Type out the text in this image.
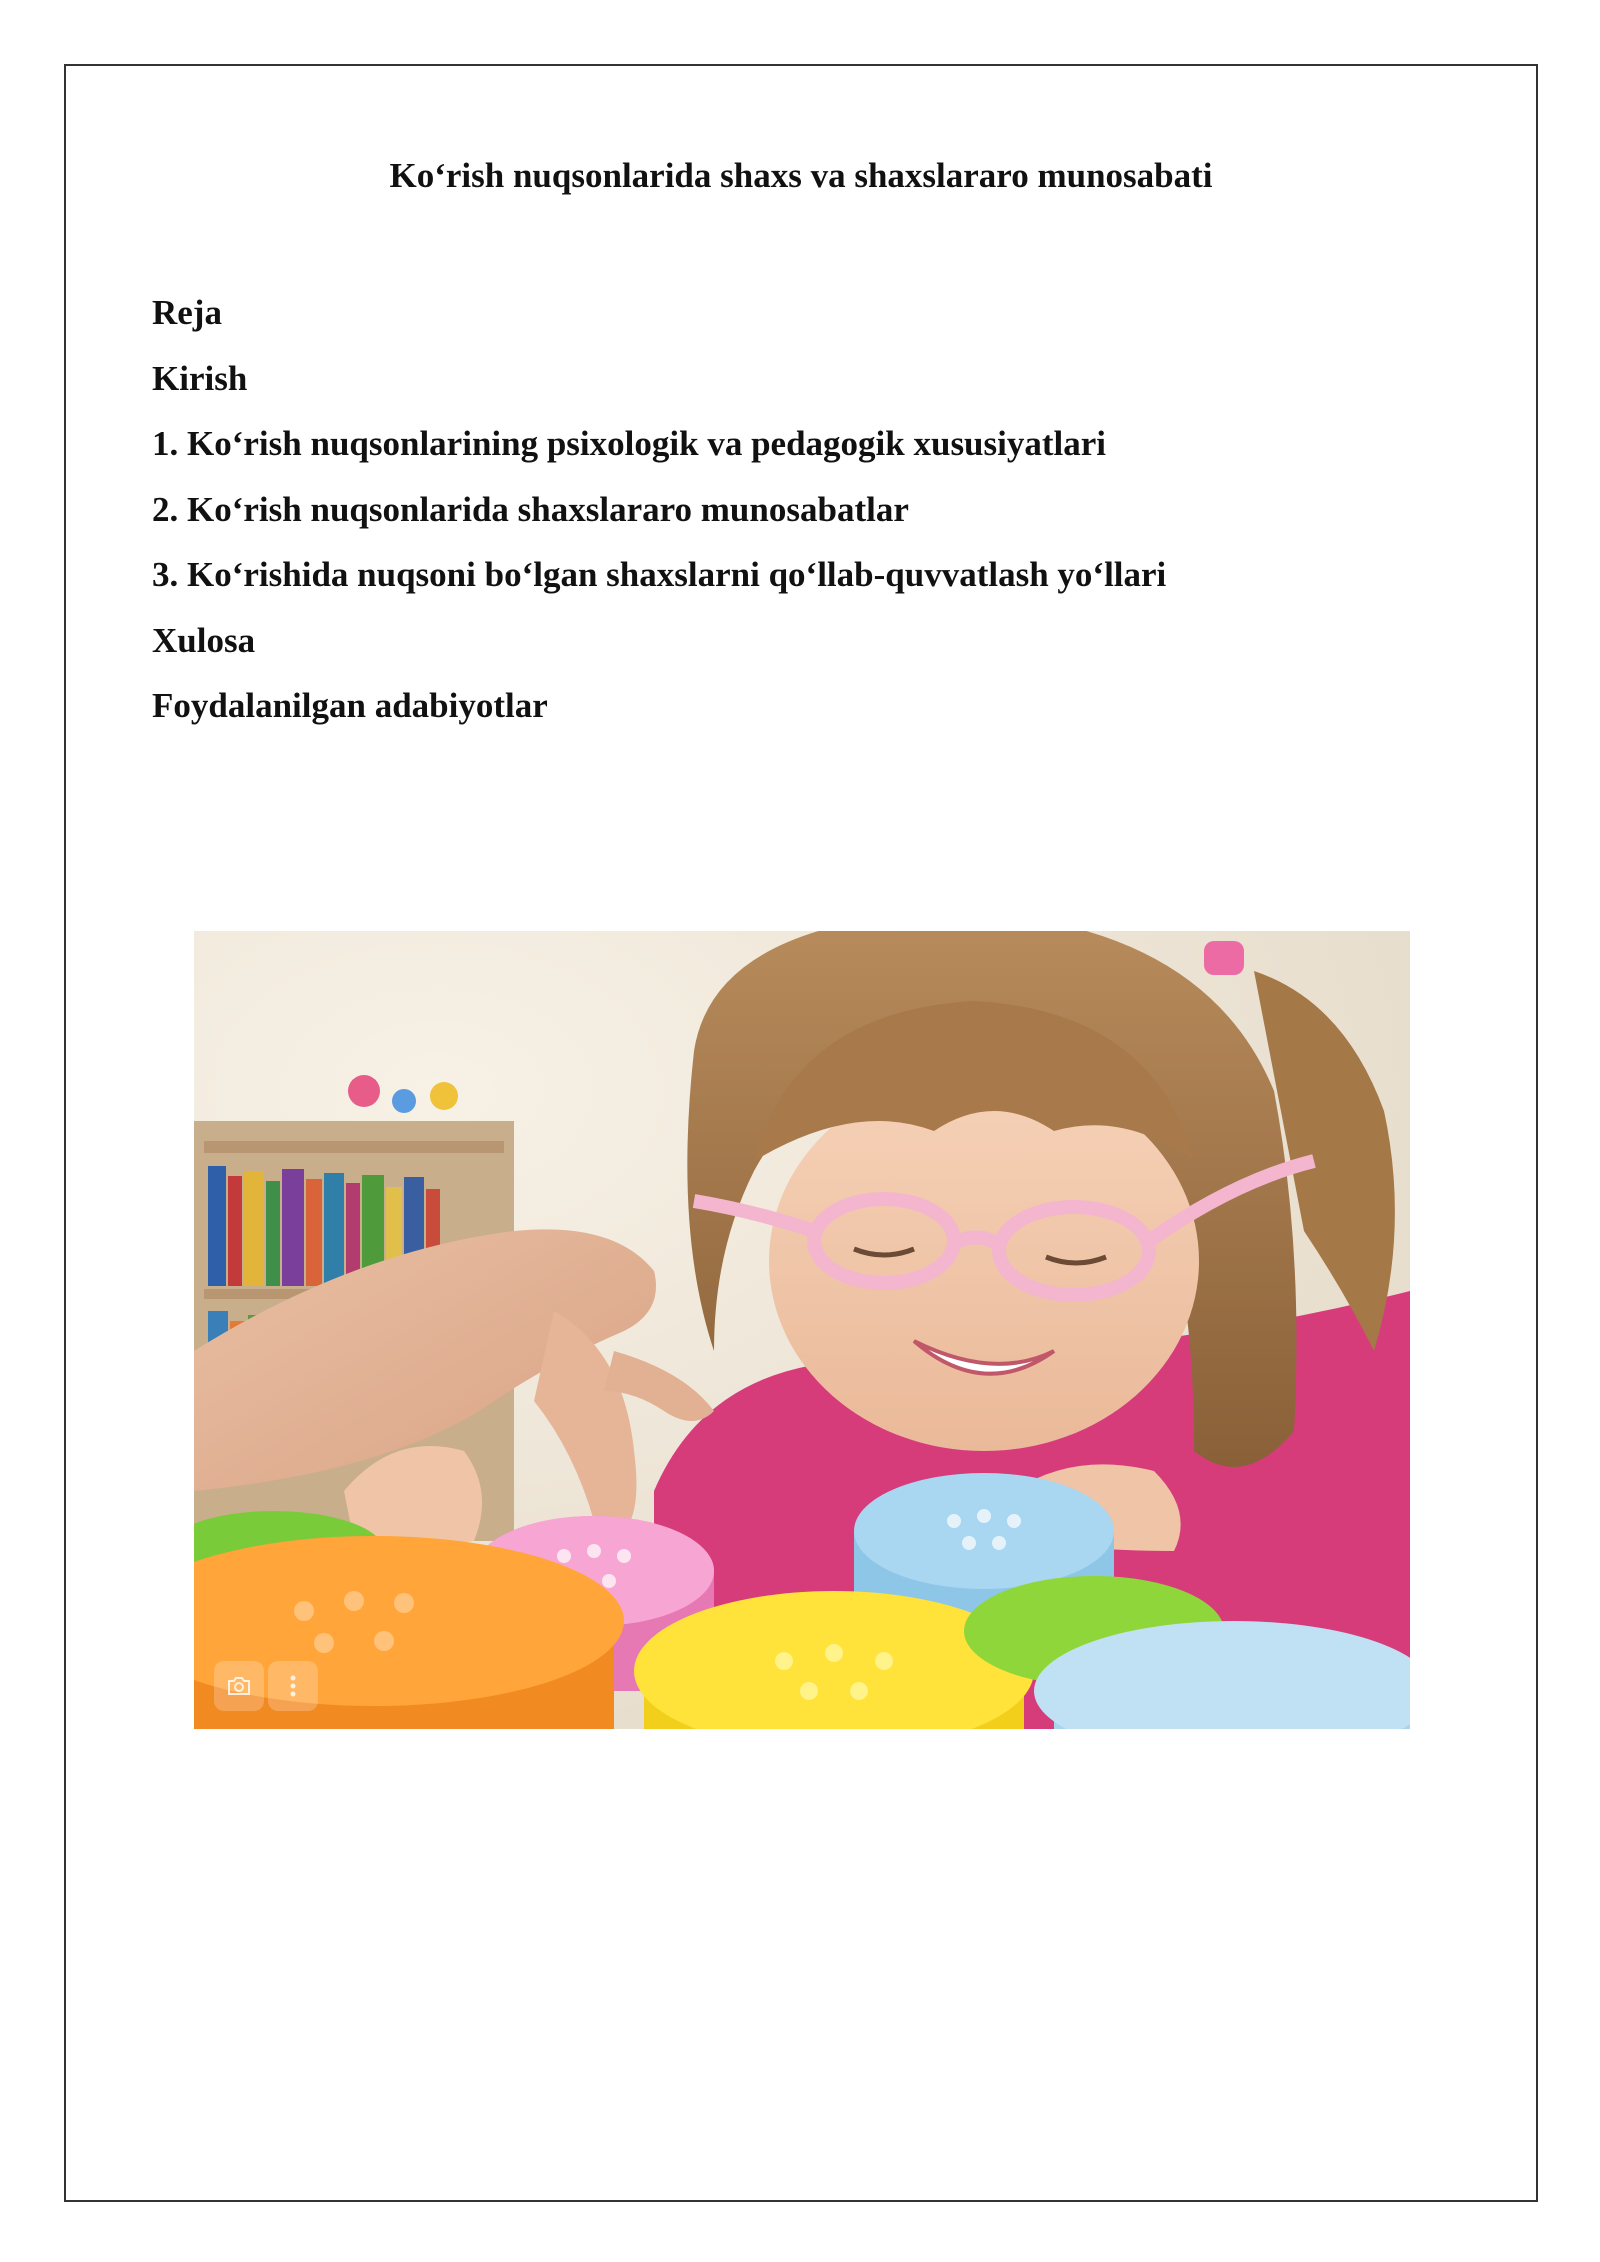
Ko‘rish nuqsonlarida shaxs va shaxslararo munosabati
Reja
Kirish
1. Ko‘rish nuqsonlarining psixologik va pedagogik xususiyatlari
2. Ko‘rish nuqsonlarida shaxslararo munosabatlar
3. Ko‘rishida nuqsoni bo‘lgan shaxslarni qo‘llab-quvvatlash yo‘llari
Xulosa
Foydalanilgan adabiyotlar
